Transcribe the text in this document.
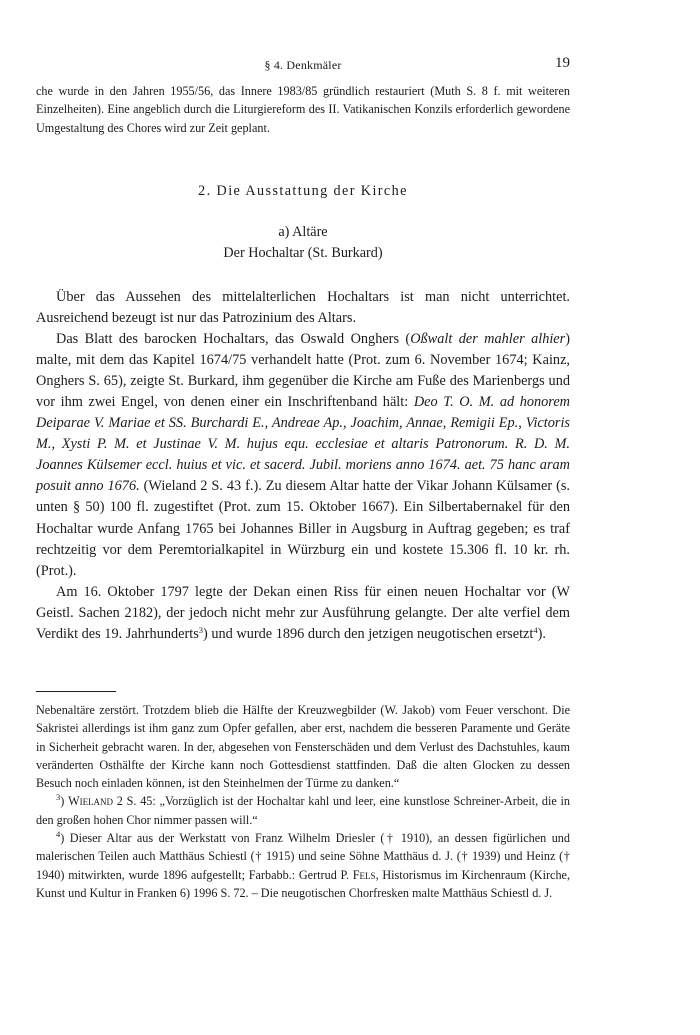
§ 4. Denkmäler	19

che wurde in den Jahren 1955/56, das Innere 1983/85 gründlich restauriert (Muth S. 8 f. mit weiteren Einzelheiten). Eine angeblich durch die Liturgiereform des II. Vatikanischen Konzils erforderlich gewordene Umgestaltung des Chores wird zur Zeit geplant.

2. Die Ausstattung der Kirche

a) Altäre

Der Hochaltar (St. Burkard)

Über das Aussehen des mittelalterlichen Hochaltars ist man nicht unterrichtet. Ausreichend bezeugt ist nur das Patrozinium des Altars.

Das Blatt des barocken Hochaltars, das Oswald Onghers (Oßwalt der mahler alhier) malte, mit dem das Kapitel 1674/75 verhandelt hatte (Prot. zum 6. November 1674; Kainz, Onghers S. 65), zeigte St. Burkard, ihm gegenüber die Kirche am Fuße des Marienbergs und vor ihm zwei Engel, von denen einer ein Inschriftenband hält: Deo T. O. M. ad honorem Deiparae V. Mariae et SS. Burchardi E., Andreae Ap., Joachim, Annae, Remigii Ep., Victoris M., Xysti P. M. et Justinae V. M. hujus equ. ecclesiae et altaris Patronorum. R. D. M. Joannes Külsemer eccl. huius et vic. et sacerd. Jubil. moriens anno 1674. aet. 75 hanc aram posuit anno 1676. (Wieland 2 S. 43 f.). Zu diesem Altar hatte der Vikar Johann Külsamer (s. unten § 50) 100 fl. zugestiftet (Prot. zum 15. Oktober 1667). Ein Silbertabernakel für den Hochaltar wurde Anfang 1765 bei Johannes Biller in Augsburg in Auftrag gegeben; es traf rechtzeitig vor dem Peremtorialkapitel in Würzburg ein und kostete 15.306 fl. 10 kr. rh. (Prot.).

Am 16. Oktober 1797 legte der Dekan einen Riss für einen neuen Hochaltar vor (W Geistl. Sachen 2182), der jedoch nicht mehr zur Ausführung gelangte. Der alte verfiel dem Verdikt des 19. Jahrhunderts$^3$) und wurde 1896 durch den jetzigen neugotischen ersetzt$^4$).

Nebenaltäre zerstört. Trotzdem blieb die Hälfte der Kreuzwegbilder (W. Jakob) vom Feuer verschont. Die Sakristei allerdings ist ihm ganz zum Opfer gefallen, aber erst, nachdem die besseren Paramente und Geräte in Sicherheit gebracht waren. In der, abgesehen von Fensterschäden und dem Verlust des Dachstuhles, kaum veränderten Osthälfte der Kirche kann noch Gottesdienst stattfinden. Daß die alten Glocken zu dessen Besuch noch einladen können, ist den Steinhelmen der Türme zu danken.“

$^3$) Wieland 2 S. 45: „Vorzüglich ist der Hochaltar kahl und leer, eine kunstlose Schreiner-Arbeit, die in den großen hohen Chor nimmer passen will.“

$^4$) Dieser Altar aus der Werkstatt von Franz Wilhelm Driesler († 1910), an dessen figürlichen und malerischen Teilen auch Matthäus Schiestl († 1915) und seine Söhne Matthäus d. J. († 1939) und Heinz († 1940) mitwirkten, wurde 1896 aufgestellt; Farbabb.: Gertrud P. Fels, Historismus im Kirchenraum (Kirche, Kunst und Kultur in Franken 6) 1996 S. 72. – Die neugotischen Chorfresken malte Matthäus Schiestl d. J.
